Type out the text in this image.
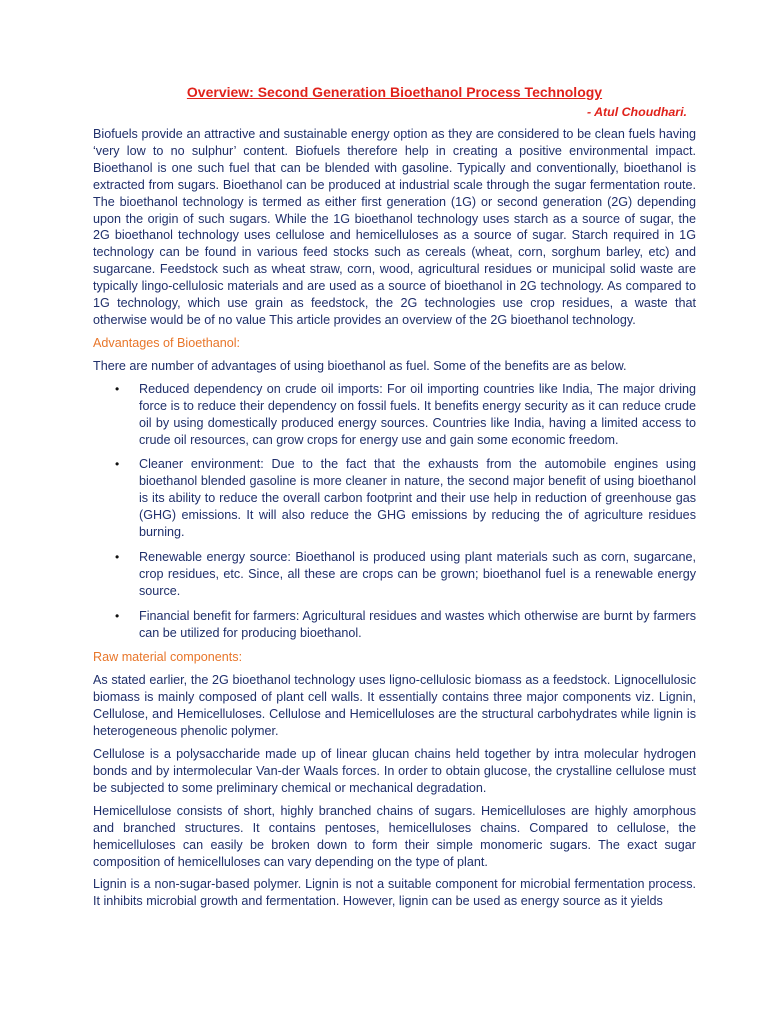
Overview: Second Generation Bioethanol Process Technology
- Atul Choudhari.

Biofuels provide an attractive and sustainable energy option as they are considered to be clean fuels having ‘very low to no sulphur’ content. Biofuels therefore help in creating a positive environmental impact. Bioethanol is one such fuel that can be blended with gasoline. Typically and conventionally, bioethanol is extracted from sugars. Bioethanol can be produced at industrial scale through the sugar fermentation route. The bioethanol technology is termed as either first generation (1G) or second generation (2G) depending upon the origin of such sugars. While the 1G bioethanol technology uses starch as a source of sugar, the 2G bioethanol technology uses cellulose and hemicelluloses as a source of sugar. Starch required in 1G technology can be found in various feed stocks such as cereals (wheat, corn, sorghum barley, etc) and sugarcane. Feedstock such as wheat straw, corn, wood, agricultural residues or municipal solid waste are typically lingo-cellulosic materials and are used as a source of bioethanol in 2G technology. As compared to 1G technology, which use grain as feedstock, the 2G technologies use crop residues, a waste that otherwise would be of no value This article provides an overview of the 2G bioethanol technology.

Advantages of Bioethanol:

There are number of advantages of using bioethanol as fuel. Some of the benefits are as below.

• Reduced dependency on crude oil imports: For oil importing countries like India, The major driving force is to reduce their dependency on fossil fuels. It benefits energy security as it can reduce crude oil by using domestically produced energy sources. Countries like India, having a limited access to crude oil resources, can grow crops for energy use and gain some economic freedom.
• Cleaner environment: Due to the fact that the exhausts from the automobile engines using bioethanol blended gasoline is more cleaner in nature, the second major benefit of using bioethanol is its ability to reduce the overall carbon footprint and their use help in reduction of greenhouse gas (GHG) emissions. It will also reduce the GHG emissions by reducing the of agriculture residues burning.
• Renewable energy source: Bioethanol is produced using plant materials such as corn, sugarcane, crop residues, etc. Since, all these are crops can be grown; bioethanol fuel is a renewable energy source.
• Financial benefit for farmers: Agricultural residues and wastes which otherwise are burnt by farmers can be utilized for producing bioethanol.
Raw material components:

As stated earlier, the 2G bioethanol technology uses ligno-cellulosic biomass as a feedstock. Lignocellulosic biomass is mainly composed of plant cell walls. It essentially contains three major components viz. Lignin, Cellulose, and Hemicelluloses. Cellulose and Hemicelluloses are the structural carbohydrates while lignin is heterogeneous phenolic polymer.

Cellulose is a polysaccharide made up of linear glucan chains held together by intra molecular hydrogen bonds and by intermolecular Van-der Waals forces. In order to obtain glucose, the crystalline cellulose must be subjected to some preliminary chemical or mechanical degradation.

Hemicellulose consists of short, highly branched chains of sugars. Hemicelluloses are highly amorphous and branched structures. It contains pentoses, hemicelluloses chains. Compared to cellulose, the hemicelluloses can easily be broken down to form their simple monomeric sugars. The exact sugar composition of hemicelluloses can vary depending on the type of plant.

Lignin is a non-sugar-based polymer. Lignin is not a suitable component for microbial fermentation process. It inhibits microbial growth and fermentation. However, lignin can be used as energy source as it yields
